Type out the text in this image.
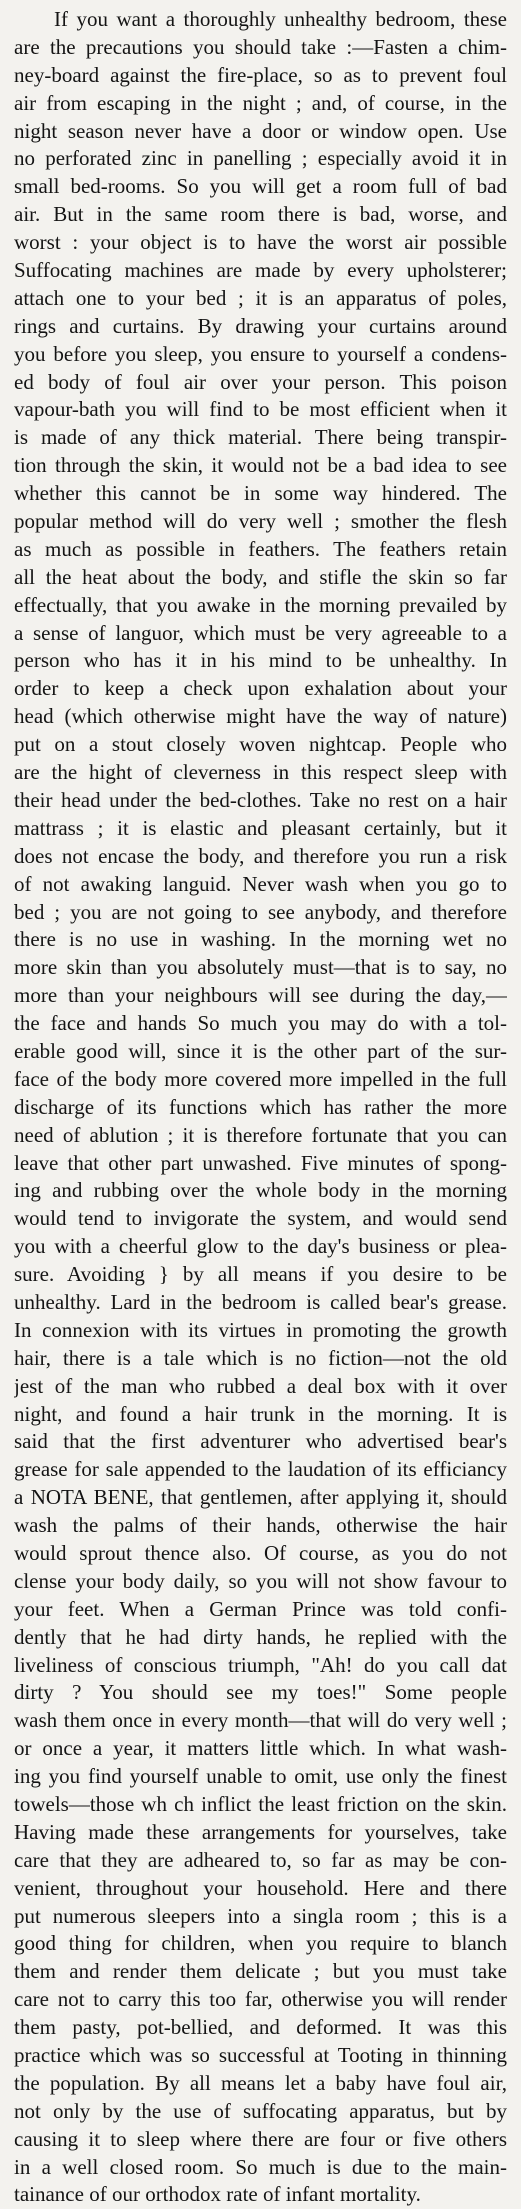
If you want a thoroughly unhealthy bedroom, these
are the precautions you should take :—Fasten a chim-
ney-board against the fire-place, so as to prevent foul
air from escaping in the night ; and, of course, in the
night season never have a door or window open. Use
no perforated zinc in panelling ; especially avoid it in
small bed-rooms. So you will get a room full of bad
air. But in the same room there is bad, worse, and
worst : your object is to have the worst air possible
Suffocating machines are made by every upholsterer;
attach one to your bed ; it is an apparatus of poles,
rings and curtains. By drawing your curtains around
you before you sleep, you ensure to yourself a condens-
ed body of foul air over your person. This poison
vapour-bath you will find to be most efficient when it
is made of any thick material. There being transpir-
tion through the skin, it would not be a bad idea to see
whether this cannot be in some way hindered. The
popular method will do very well ; smother the flesh
as much as possible in feathers. The feathers retain
all the heat about the body, and stifle the skin so far
effectually, that you awake in the morning prevailed by
a sense of languor, which must be very agreeable to a
person who has it in his mind to be unhealthy. In
order to keep a check upon exhalation about your
head (which otherwise might have the way of nature)
put on a stout closely woven nightcap. People who
are the hight of cleverness in this respect sleep with
their head under the bed-clothes. Take no rest on a hair
mattrass ; it is elastic and pleasant certainly, but it
does not encase the body, and therefore you run a risk
of not awaking languid. Never wash when you go to
bed ; you are not going to see anybody, and therefore
there is no use in washing. In the morning wet no
more skin than you absolutely must—that is to say, no
more than your neighbours will see during the day,—
the face and hands So much you may do with a tol-
erable good will, since it is the other part of the sur-
face of the body more covered more impelled in the full
discharge of its functions which has rather the more
need of ablution ; it is therefore fortunate that you can
leave that other part unwashed. Five minutes of spong-
ing and rubbing over the whole body in the morning
would tend to invigorate the system, and would send
you with a cheerful glow to the day's business or plea-
sure. Avoiding } by all means if you desire to be
unhealthy. Lard in the bedroom is called bear's grease.
In connexion with its virtues in promoting the growth
hair, there is a tale which is no fiction—not the old
jest of the man who rubbed a deal box with it over
night, and found a hair trunk in the morning. It is
said that the first adventurer who advertised bear's
grease for sale appended to the laudation of its efficiancy
a NOTA BENE, that gentlemen, after applying it, should
wash the palms of their hands, otherwise the hair
would sprout thence also. Of course, as you do not
clense your body daily, so you will not show favour to
your feet. When a German Prince was told confi-
dently that he had dirty hands, he replied with the
liveliness of conscious triumph, "Ah! do you call dat
dirty ? You should see my toes!" Some people
wash them once in every month—that will do very well ;
or once a year, it matters little which. In what wash-
ing you find yourself unable to omit, use only the finest
towels—those wh ch inflict the least friction on the skin.
Having made these arrangements for yourselves, take
care that they are adheared to, so far as may be con-
venient, throughout your household. Here and there
put numerous sleepers into a singla room ; this is a
good thing for children, when you require to blanch
them and render them delicate ; but you must take
care not to carry this too far, otherwise you will render
them pasty, pot-bellied, and deformed. It was this
practice which was so successful at Tooting in thinning
the population. By all means let a baby have foul air,
not only by the use of suffocating apparatus, but by
causing it to sleep where there are four or five others
in a well closed room. So much is due to the main-
tainance of our orthodox rate of infant mortality.
